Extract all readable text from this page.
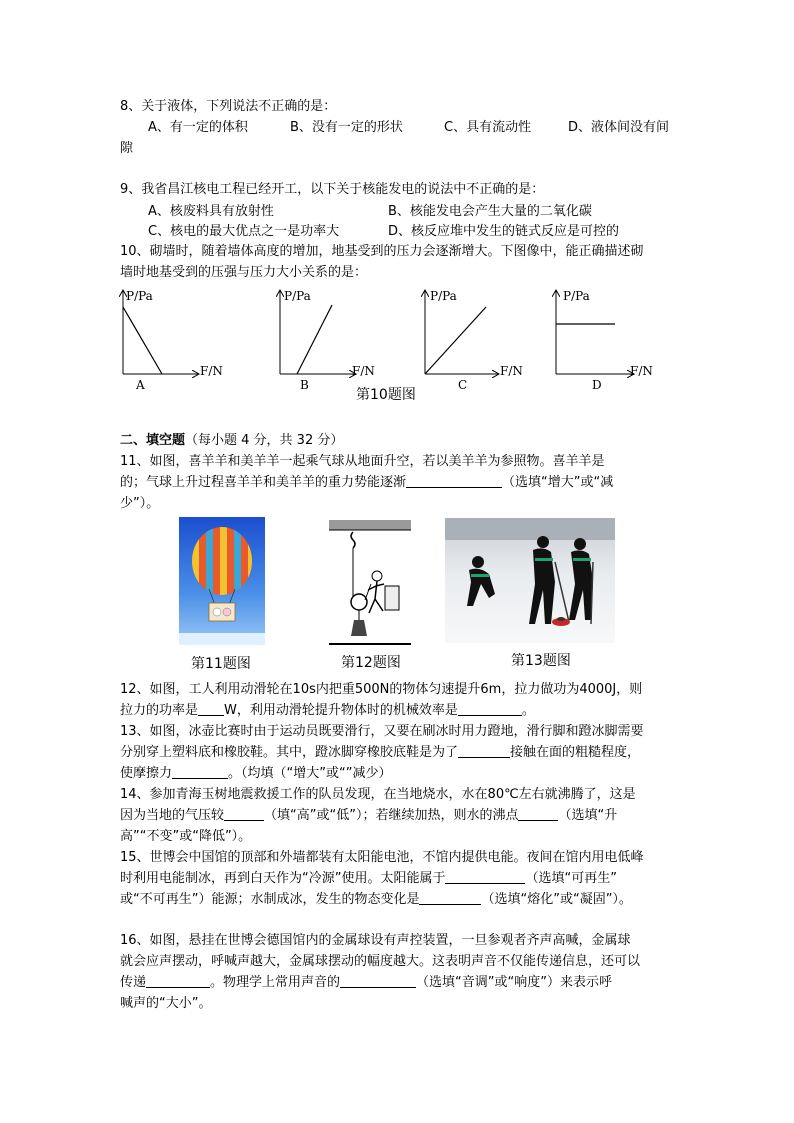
8、关于液体，下列说法不正确的是：
A、有一定的体积	B、没有一定的形状	C、具有流动性	D、液体间没有间
隙
9、我省昌江核电工程已经开工，以下关于核能发电的说法中不正确的是：
A、核废料具有放射性	B、核能发电会产生大量的二氧化碳
C、核电的最大优点之一是功率大	D、核反应堆中发生的链式反应是可控的
10、砌墙时，随着墙体高度的增加，地基受到的压力会逐渐增大。下图像中，能正确描述砌
墙时地基受到的压强与压力大小关系的是：
P/Pa
F/N
A
P/Pa
F/N
B
P/Pa
F/N
C
P/Pa
F/N
D
第10题图
二、填空题（每小题 4 分，共 32 分）
11、如图，喜羊羊和美羊羊一起乘气球从地面升空，若以美羊羊为参照物。喜羊羊是
的；气球上升过程喜羊羊和美羊羊的重力势能逐渐	（选填“增大”或“减
少”）。
第11题图	第12题图	第13题图
12、如图，工人利用动滑轮在10s内把重500N的物体匀速提升6m，拉力做功为4000J，则
拉力的功率是 W，利用动滑轮提升物体时的机械效率是	。
13、如图，冰壶比赛时由于运动员既要滑行，又要在刷冰时用力蹬地，滑行脚和蹬冰脚需要
分别穿上塑料底和橡胶鞋。其中，蹬冰脚穿橡胶底鞋是为了	接触在面的粗糙程度，
使摩擦力	。（均填（“增大”或“”减少）
14、参加青海玉树地震救援工作的队员发现，在当地烧水，水在80℃左右就沸腾了，这是
因为当地的气压较	（填“高”或“低”）；若继续加热，则水的沸点	（选填“升
高”“不变”或“降低”）。
15、世博会中国馆的顶部和外墙都装有太阳能电池，不馆内提供电能。夜间在馆内用电低峰
时利用电能制冰，再到白天作为“冷源”使用。太阳能属于	（选填“可再生”
或“不可再生”）能源；水制成冰，发生的物态变化是	（选填“熔化”或“凝固”）。
16、如图，悬挂在世博会德国馆内的金属球设有声控装置，一旦参观者齐声高喊，金属球
就会应声摆动，呼喊声越大，金属球摆动的幅度越大。这表明声音不仅能传递信息，还可以
传递	。物理学上常用声音的	（选填“音调”或“响度”）来表示呼
喊声的“大小”。
